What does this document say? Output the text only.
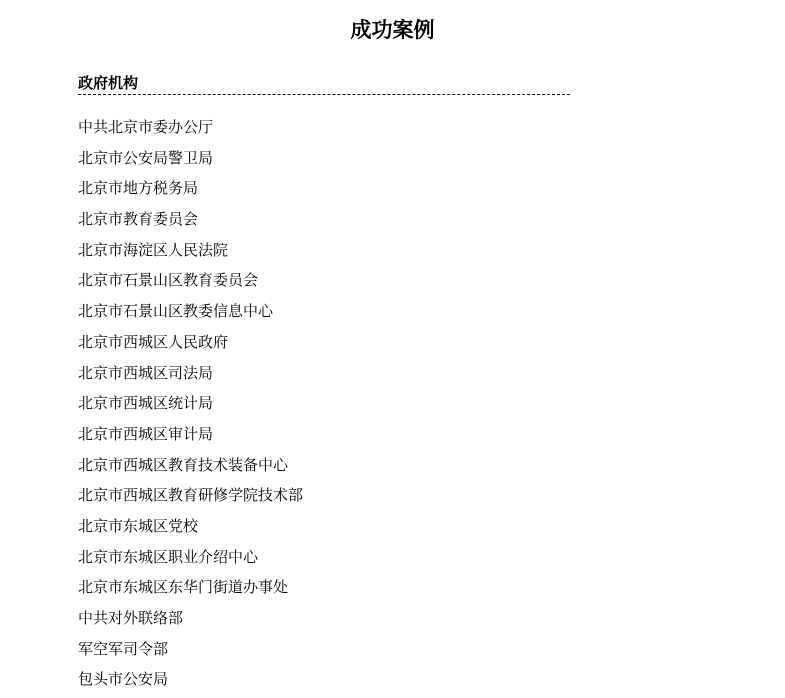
成功案例
政府机构
中共北京市委办公厅
北京市公安局警卫局
北京市地方税务局
北京市教育委员会
北京市海淀区人民法院
北京市石景山区教育委员会
北京市石景山区教委信息中心
北京市西城区人民政府
北京市西城区司法局
北京市西城区统计局
北京市西城区审计局
北京市西城区教育技术装备中心
北京市西城区教育研修学院技术部
北京市东城区党校
北京市东城区职业介绍中心
北京市东城区东华门街道办事处
中共对外联络部
军空军司令部
包头市公安局
